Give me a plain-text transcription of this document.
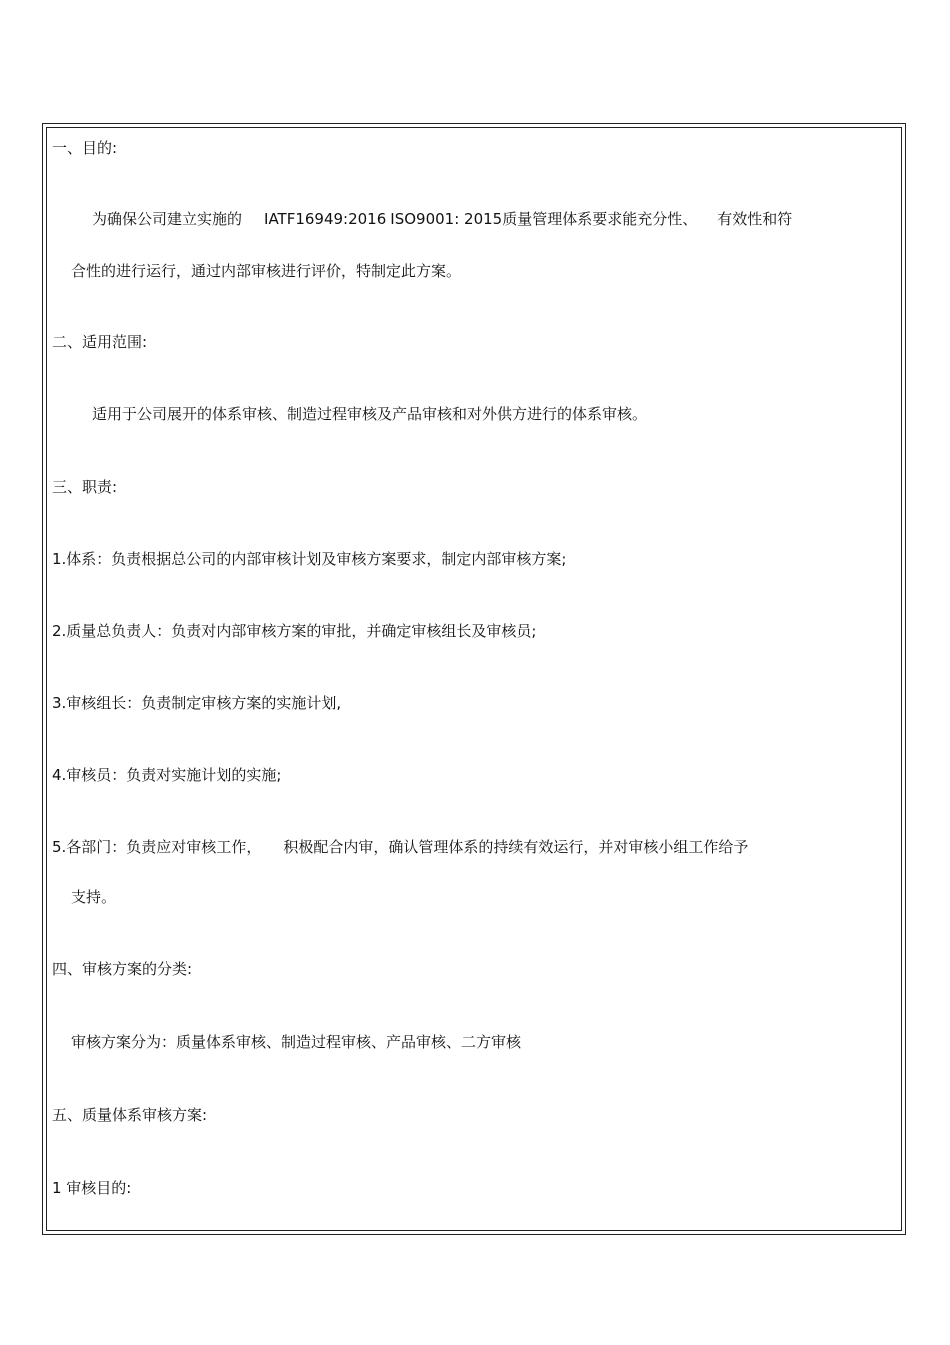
一、目的:

为确保公司建立实施的 IATF16949:2016 ISO9001: 2015质量管理体系要求能充分性、 有效性和符

合性的进行运行，通过内部审核进行评价，特制定此方案。

二、适用范围:

适用于公司展开的体系审核、制造过程审核及产品审核和对外供方进行的体系审核。

三、职责:

1.体系：负责根据总公司的内部审核计划及审核方案要求，制定内部审核方案;

2.质量总负责人：负责对内部审核方案的审批，并确定审核组长及审核员;

3.审核组长：负责制定审核方案的实施计划,

4.审核员：负责对实施计划的实施;

5.各部门：负责应对审核工作， 积极配合内审，确认管理体系的持续有效运行，并对审核小组工作给予

支持。

四、审核方案的分类:

审核方案分为：质量体系审核、制造过程审核、产品审核、二方审核

五、质量体系审核方案:

1 审核目的:
